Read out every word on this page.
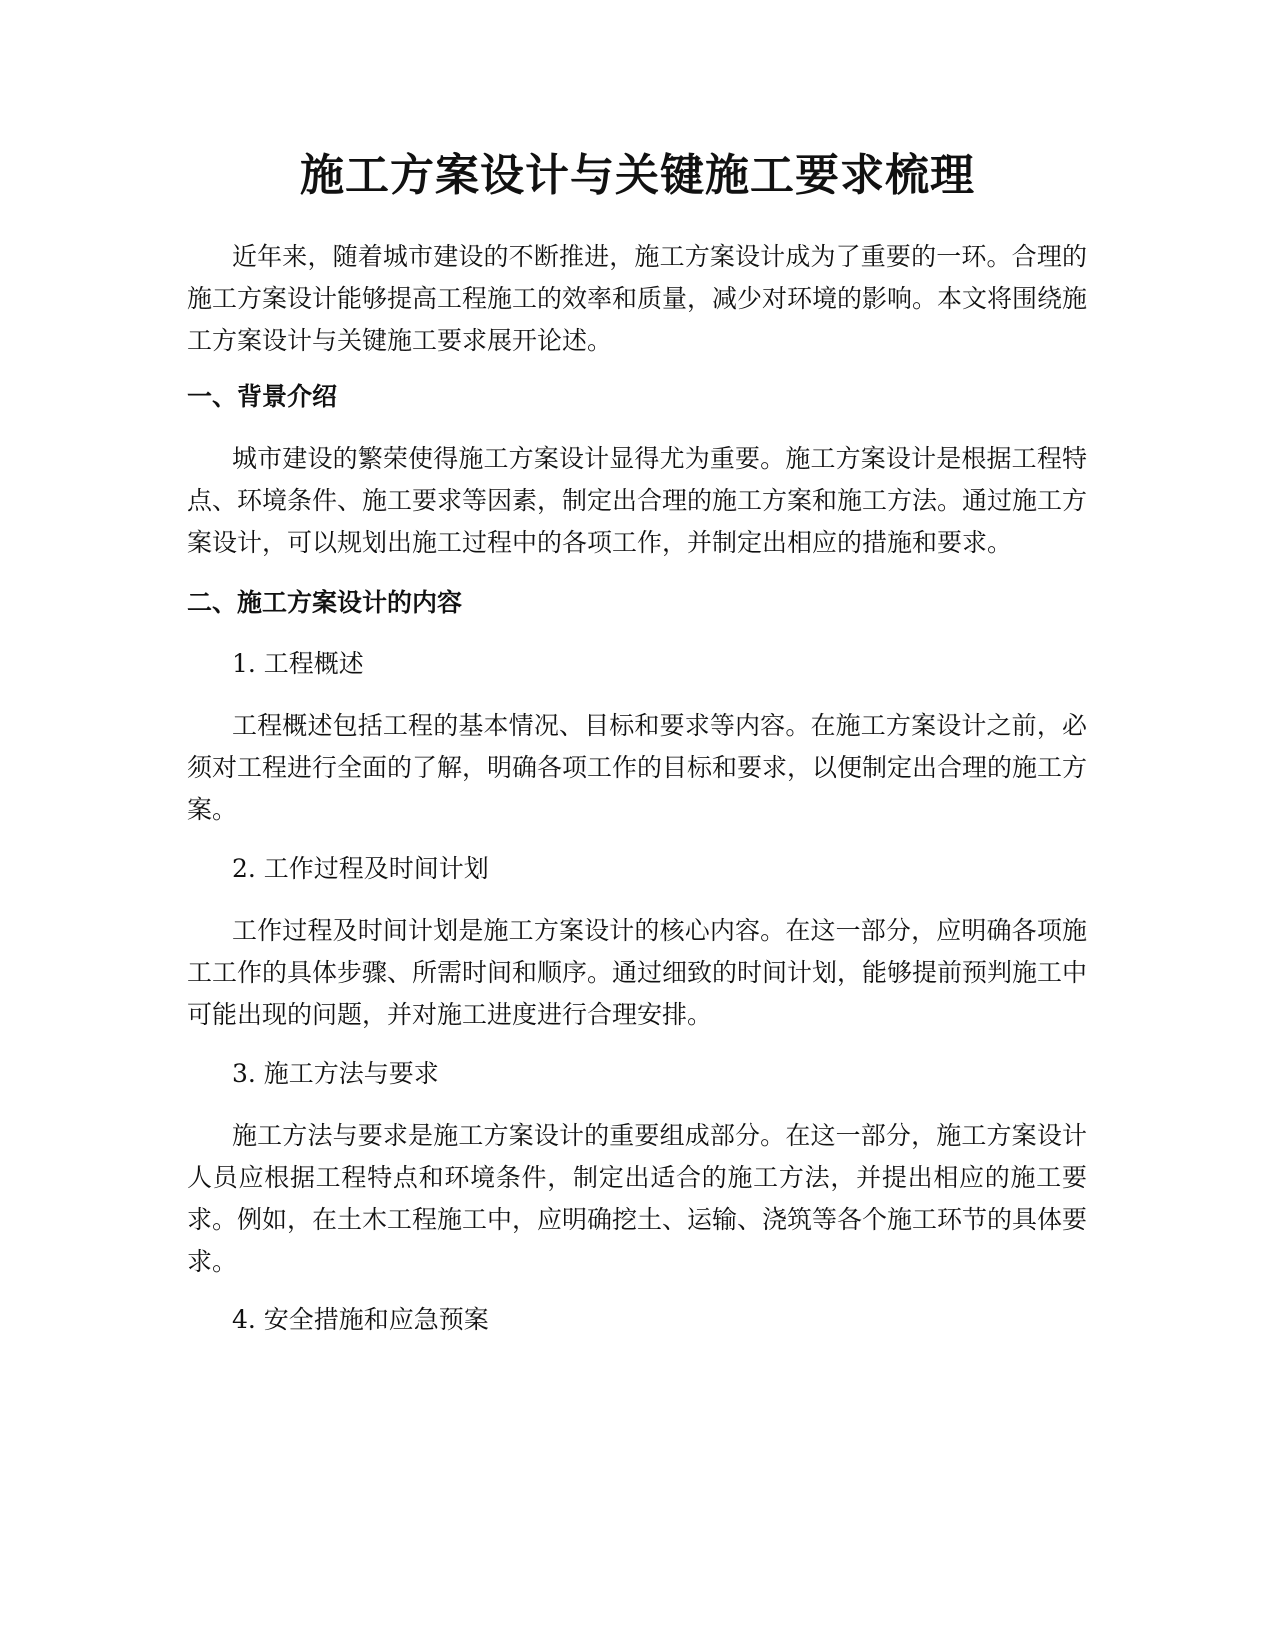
施工方案设计与关键施工要求梳理

近年来，随着城市建设的不断推进，施工方案设计成为了重要的一环。合理的施工方案设计能够提高工程施工的效率和质量，减少对环境的影响。本文将围绕施工方案设计与关键施工要求展开论述。

一、背景介绍

城市建设的繁荣使得施工方案设计显得尤为重要。施工方案设计是根据工程特点、环境条件、施工要求等因素，制定出合理的施工方案和施工方法。通过施工方案设计，可以规划出施工过程中的各项工作，并制定出相应的措施和要求。

二、施工方案设计的内容

1. 工程概述

工程概述包括工程的基本情况、目标和要求等内容。在施工方案设计之前，必须对工程进行全面的了解，明确各项工作的目标和要求，以便制定出合理的施工方案。

2. 工作过程及时间计划

工作过程及时间计划是施工方案设计的核心内容。在这一部分，应明确各项施工工作的具体步骤、所需时间和顺序。通过细致的时间计划，能够提前预判施工中可能出现的问题，并对施工进度进行合理安排。

3. 施工方法与要求

施工方法与要求是施工方案设计的重要组成部分。在这一部分，施工方案设计人员应根据工程特点和环境条件，制定出适合的施工方法，并提出相应的施工要求。例如，在土木工程施工中，应明确挖土、运输、浇筑等各个施工环节的具体要求。

4. 安全措施和应急预案
